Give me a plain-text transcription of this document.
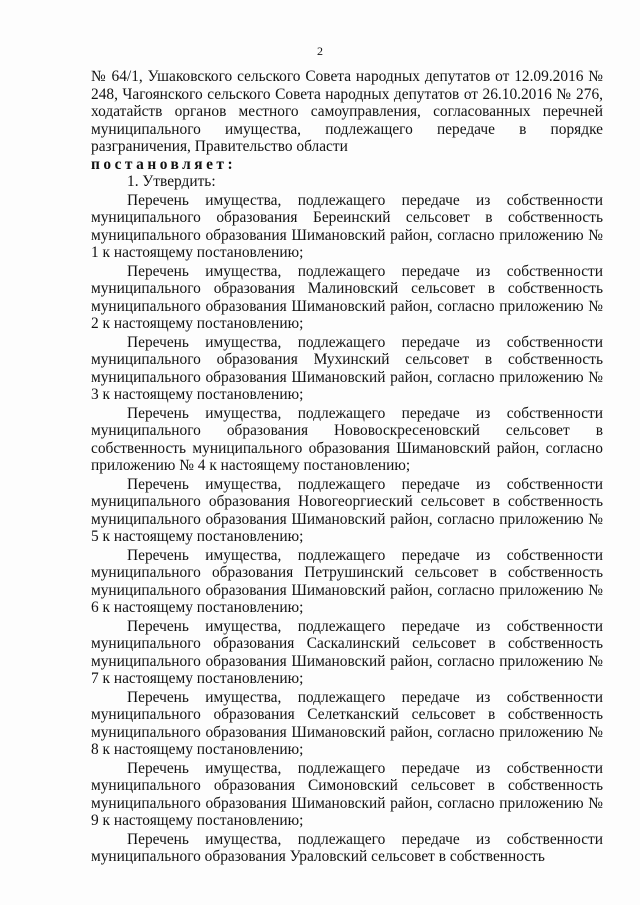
2

№ 64/1, Ушаковского сельского Совета народных депутатов от 12.09.2016 № 248, Чагоянского сельского Совета народных депутатов от 26.10.2016 № 276, ходатайств органов местного самоуправления, согласованных перечней муниципального имущества, подлежащего передаче в порядке разграничения, Правительство области

постановляет:

1. Утвердить:

Перечень имущества, подлежащего передаче из собственности муниципального образования Береинский сельсовет в собственность муниципального образования Шимановский район, согласно приложению № 1 к настоящему постановлению;

Перечень имущества, подлежащего передаче из собственности муниципального образования Малиновский сельсовет в собственность муниципального образования Шимановский район, согласно приложению № 2 к настоящему постановлению;

Перечень имущества, подлежащего передаче из собственности муниципального образования Мухинский сельсовет в собственность муниципального образования Шимановский район, согласно приложению № 3 к настоящему постановлению;

Перечень имущества, подлежащего передаче из собственности муниципального образования Нововоскресеновский сельсовет в собственность муниципального образования Шимановский район, согласно приложению № 4 к настоящему постановлению;

Перечень имущества, подлежащего передаче из собственности муниципального образования Новогеоргиеский сельсовет в собственность муниципального образования Шимановский район, согласно приложению № 5 к настоящему постановлению;

Перечень имущества, подлежащего передаче из собственности муниципального образования Петрушинский сельсовет в собственность муниципального образования Шимановский район, согласно приложению № 6 к настоящему постановлению;

Перечень имущества, подлежащего передаче из собственности муниципального образования Саскалинский сельсовет в собственность муниципального образования Шимановский район, согласно приложению № 7 к настоящему постановлению;

Перечень имущества, подлежащего передаче из собственности муниципального образования Селетканский сельсовет в собственность муниципального образования Шимановский район, согласно приложению № 8 к настоящему постановлению;

Перечень имущества, подлежащего передаче из собственности муниципального образования Симоновский сельсовет в собственность муниципального образования Шимановский район, согласно приложению № 9 к настоящему постановлению;

Перечень имущества, подлежащего передаче из собственности муниципального образования Ураловский сельсовет в собственность
